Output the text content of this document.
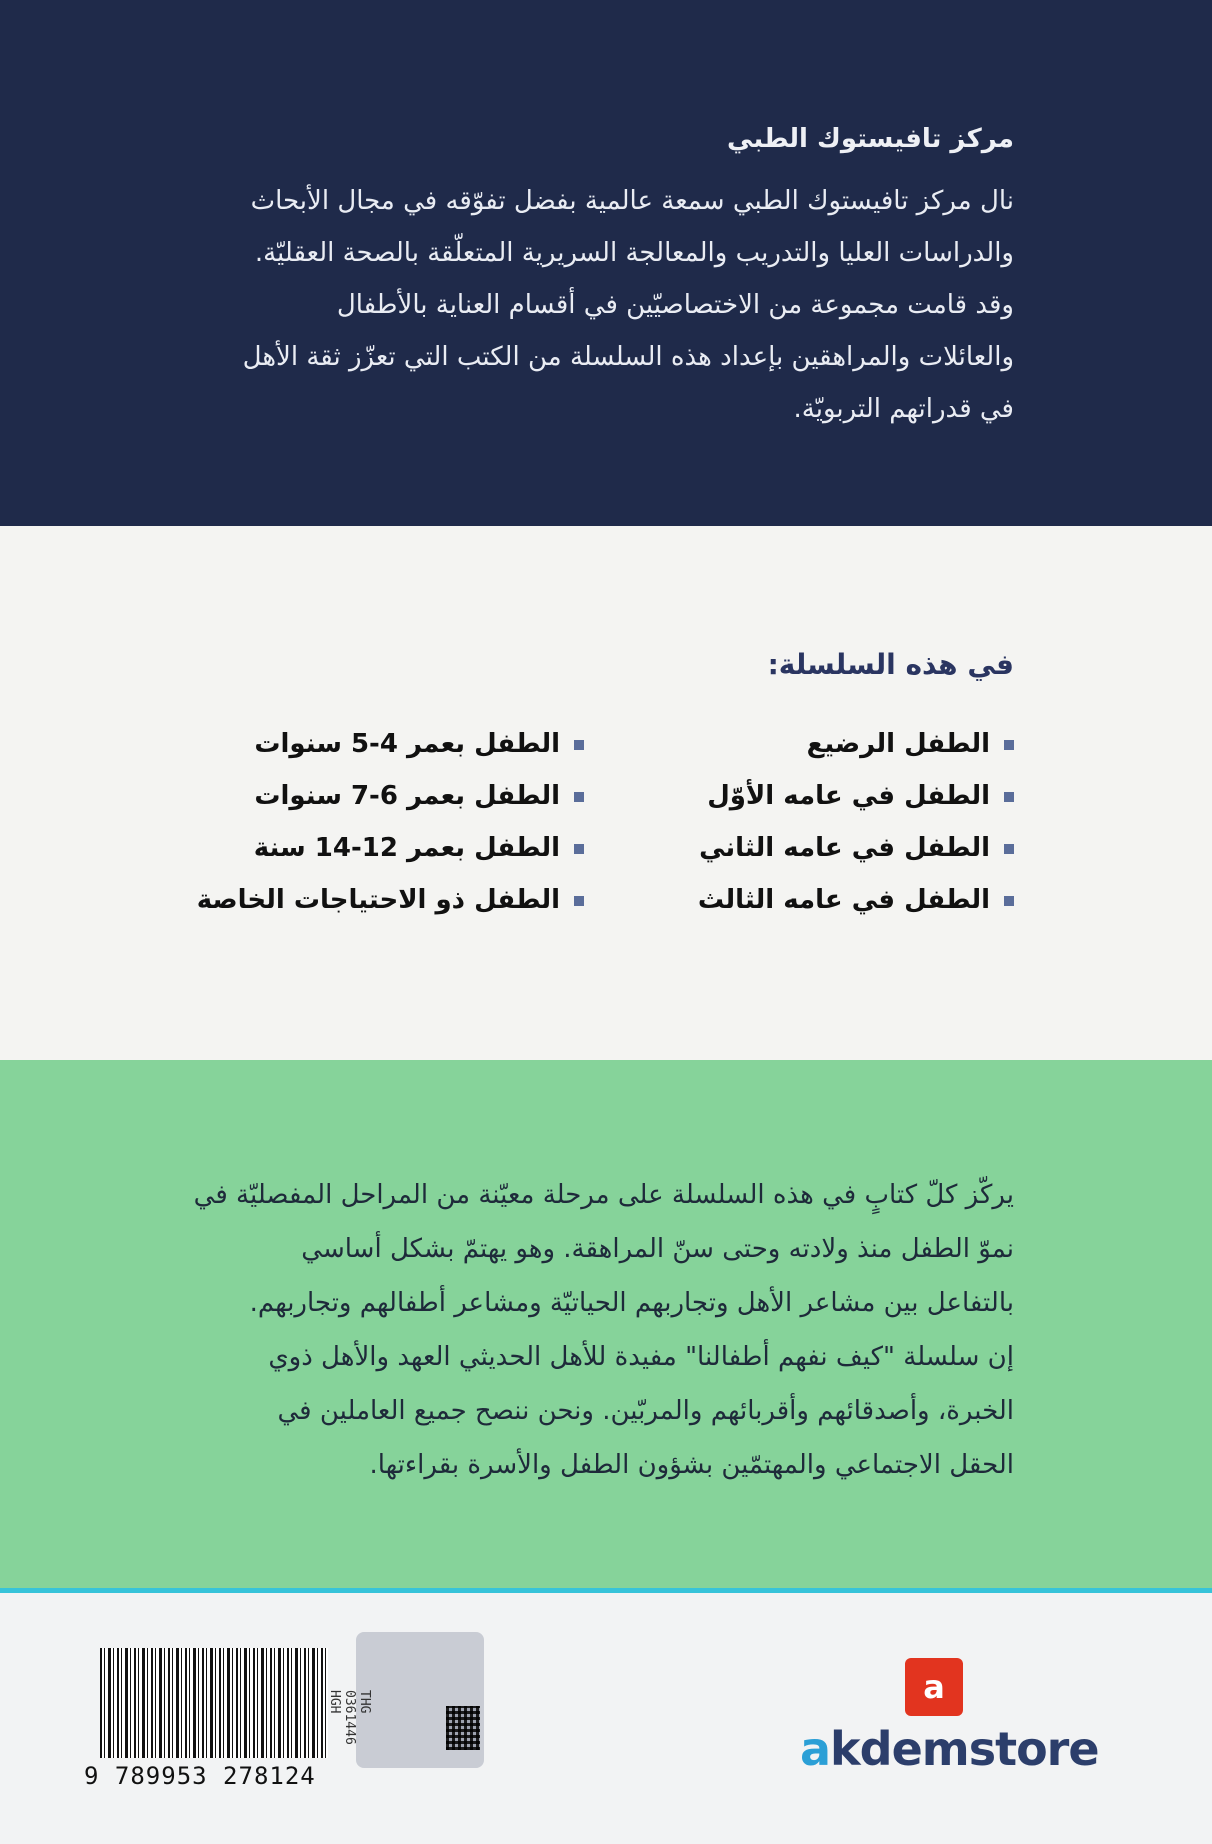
مركز تافيستوك الطبي
نال مركز تافيستوك الطبي سمعة عالمية بفضل تفوّقه في مجال الأبحاث
والدراسات العليا والتدريب والمعالجة السريرية المتعلّقة بالصحة العقليّة.
وقد قامت مجموعة من الاختصاصيّين في أقسام العناية بالأطفال
والعائلات والمراهقين بإعداد هذه السلسلة من الكتب التي تعزّز ثقة الأهل
في قدراتهم التربويّة.
في هذه السلسلة:
الطفل الرضيع
الطفل في عامه الأوّل
الطفل في عامه الثاني
الطفل في عامه الثالث
الطفل بعمر 4-5 سنوات
الطفل بعمر 6-7 سنوات
الطفل بعمر 12-14 سنة
الطفل ذو الاحتياجات الخاصة
يركّز كلّ كتابٍ في هذه السلسلة على مرحلة معيّنة من المراحل المفصليّة في
نموّ الطفل منذ ولادته وحتى سنّ المراهقة. وهو يهتمّ بشكل أساسي
بالتفاعل بين مشاعر الأهل وتجاربهم الحياتيّة ومشاعر أطفالهم وتجاربهم.
إن سلسلة "كيف نفهم أطفالنا" مفيدة للأهل الحديثي العهد والأهل ذوي
الخبرة، وأصدقائهم وأقربائهم والمربّين. ونحن ننصح جميع العاملين في
الحقل الاجتماعي والمهتمّين بشؤون الطفل والأسرة بقراءتها.
9 789953 278124
THG
0361446
HGH	a
akdemstore
